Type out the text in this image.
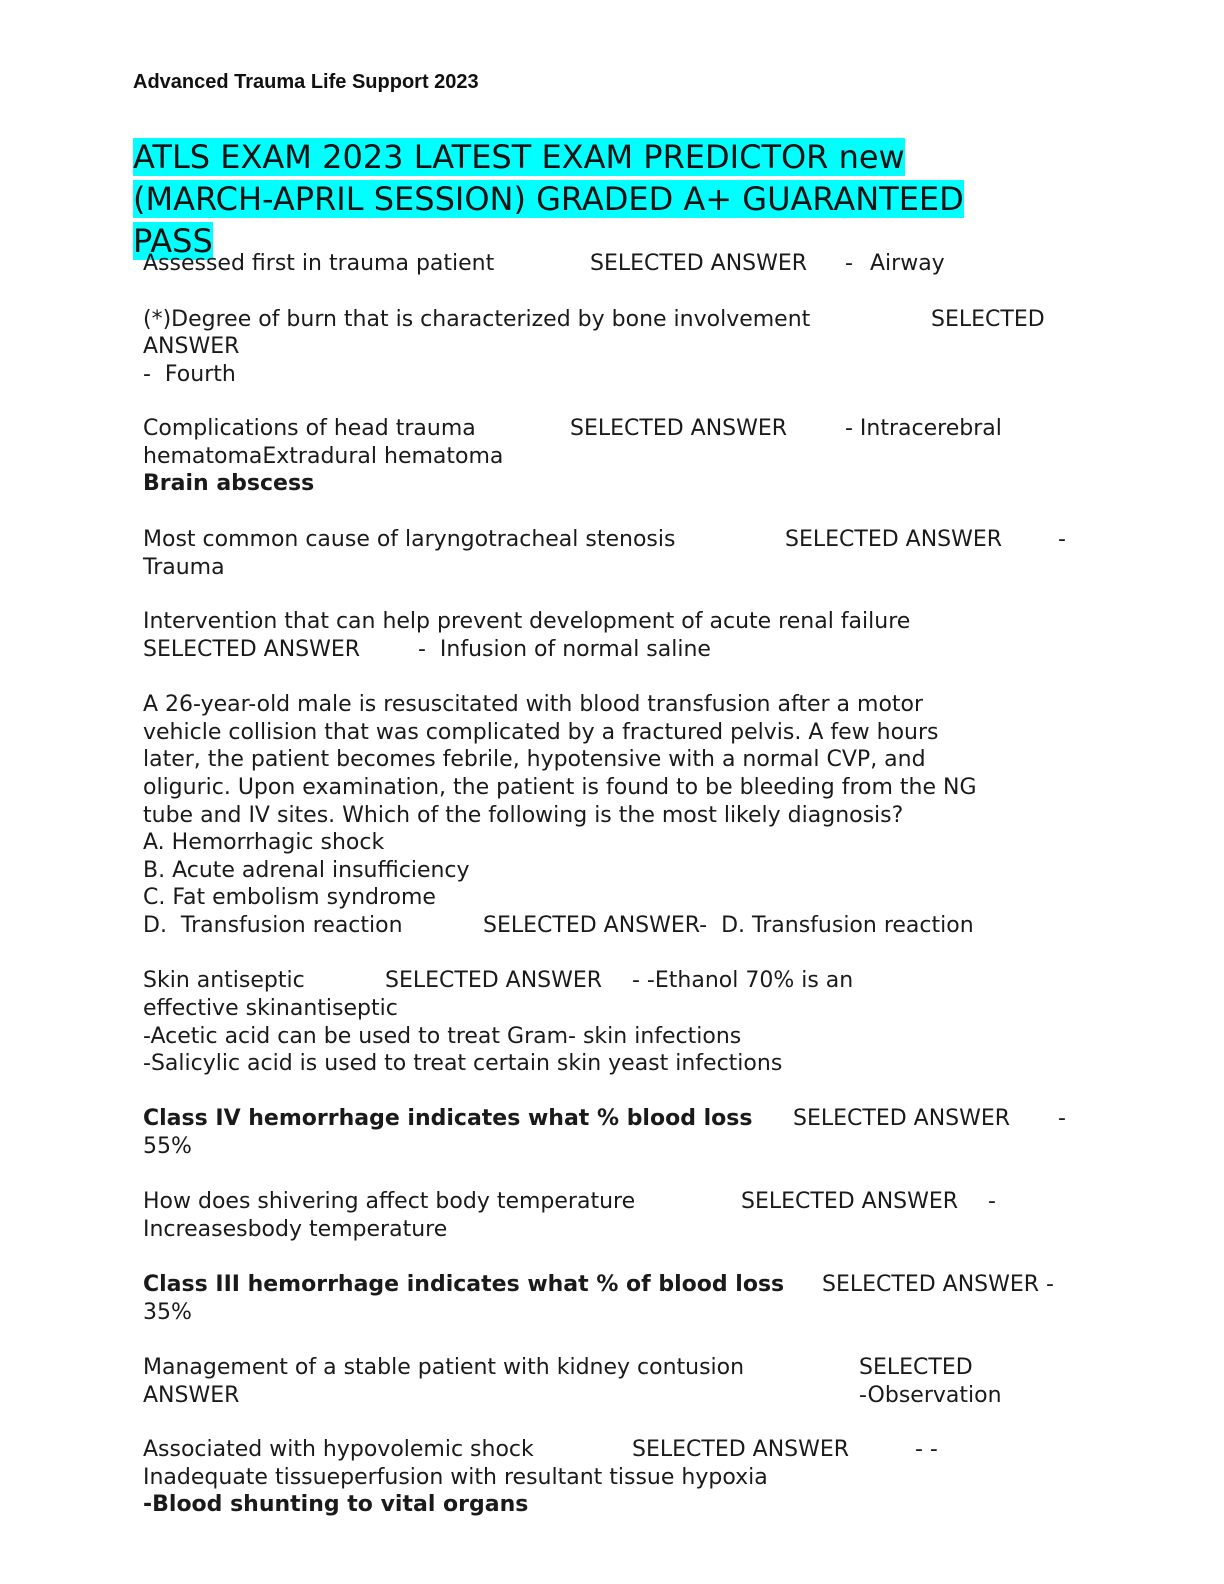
Advanced Trauma Life Support 2023
ATLS EXAM 2023 LATEST EXAM PREDICTOR new (MARCH-APRIL SESSION) GRADED A+ GUARANTEED PASS
Assessed first in trauma patient	SELECTED ANSWER - Airway
(*)Degree of burn that is characterized by bone involvement	SELECTED
ANSWER
-  Fourth
Complications of head trauma	SELECTED ANSWER	- Intracerebral
hematomaExtradural hematoma
Brain abscess
Most common cause of laryngotracheal stenosis	SELECTED ANSWER	-
Trauma
Intervention that can help prevent development of acute renal failure
SELECTED ANSWER	-  Infusion of normal saline
A 26-year-old male is resuscitated with blood transfusion after a motor
vehicle collision that was complicated by a fractured pelvis. A few hours
later, the patient becomes febrile, hypotensive with a normal CVP, and
oliguric. Upon examination, the patient is found to be bleeding from the NG
tube and IV sites. Which of the following is the most likely diagnosis?
A. Hemorrhagic shock
B. Acute adrenal insufficiency
C. Fat embolism syndrome
D.  Transfusion reaction	SELECTED ANSWER-  D. Transfusion reaction
Skin antiseptic	SELECTED ANSWER - -Ethanol 70% is an
effective skinantiseptic
-Acetic acid can be used to treat Gram- skin infections
-Salicylic acid is used to treat certain skin yeast infections
Class IV hemorrhage indicates what % blood loss SELECTED ANSWER -
55%
How does shivering affect body temperature	SELECTED ANSWER -
Increasesbody temperature
Class III hemorrhage indicates what % of blood loss SELECTED ANSWER -
35%
Management of a stable patient with kidney contusion	SELECTED
ANSWER	-Observation
Associated with hypovolemic shock	SELECTED ANSWER	- -
Inadequate tissueperfusion with resultant tissue hypoxia
-Blood shunting to vital organs
